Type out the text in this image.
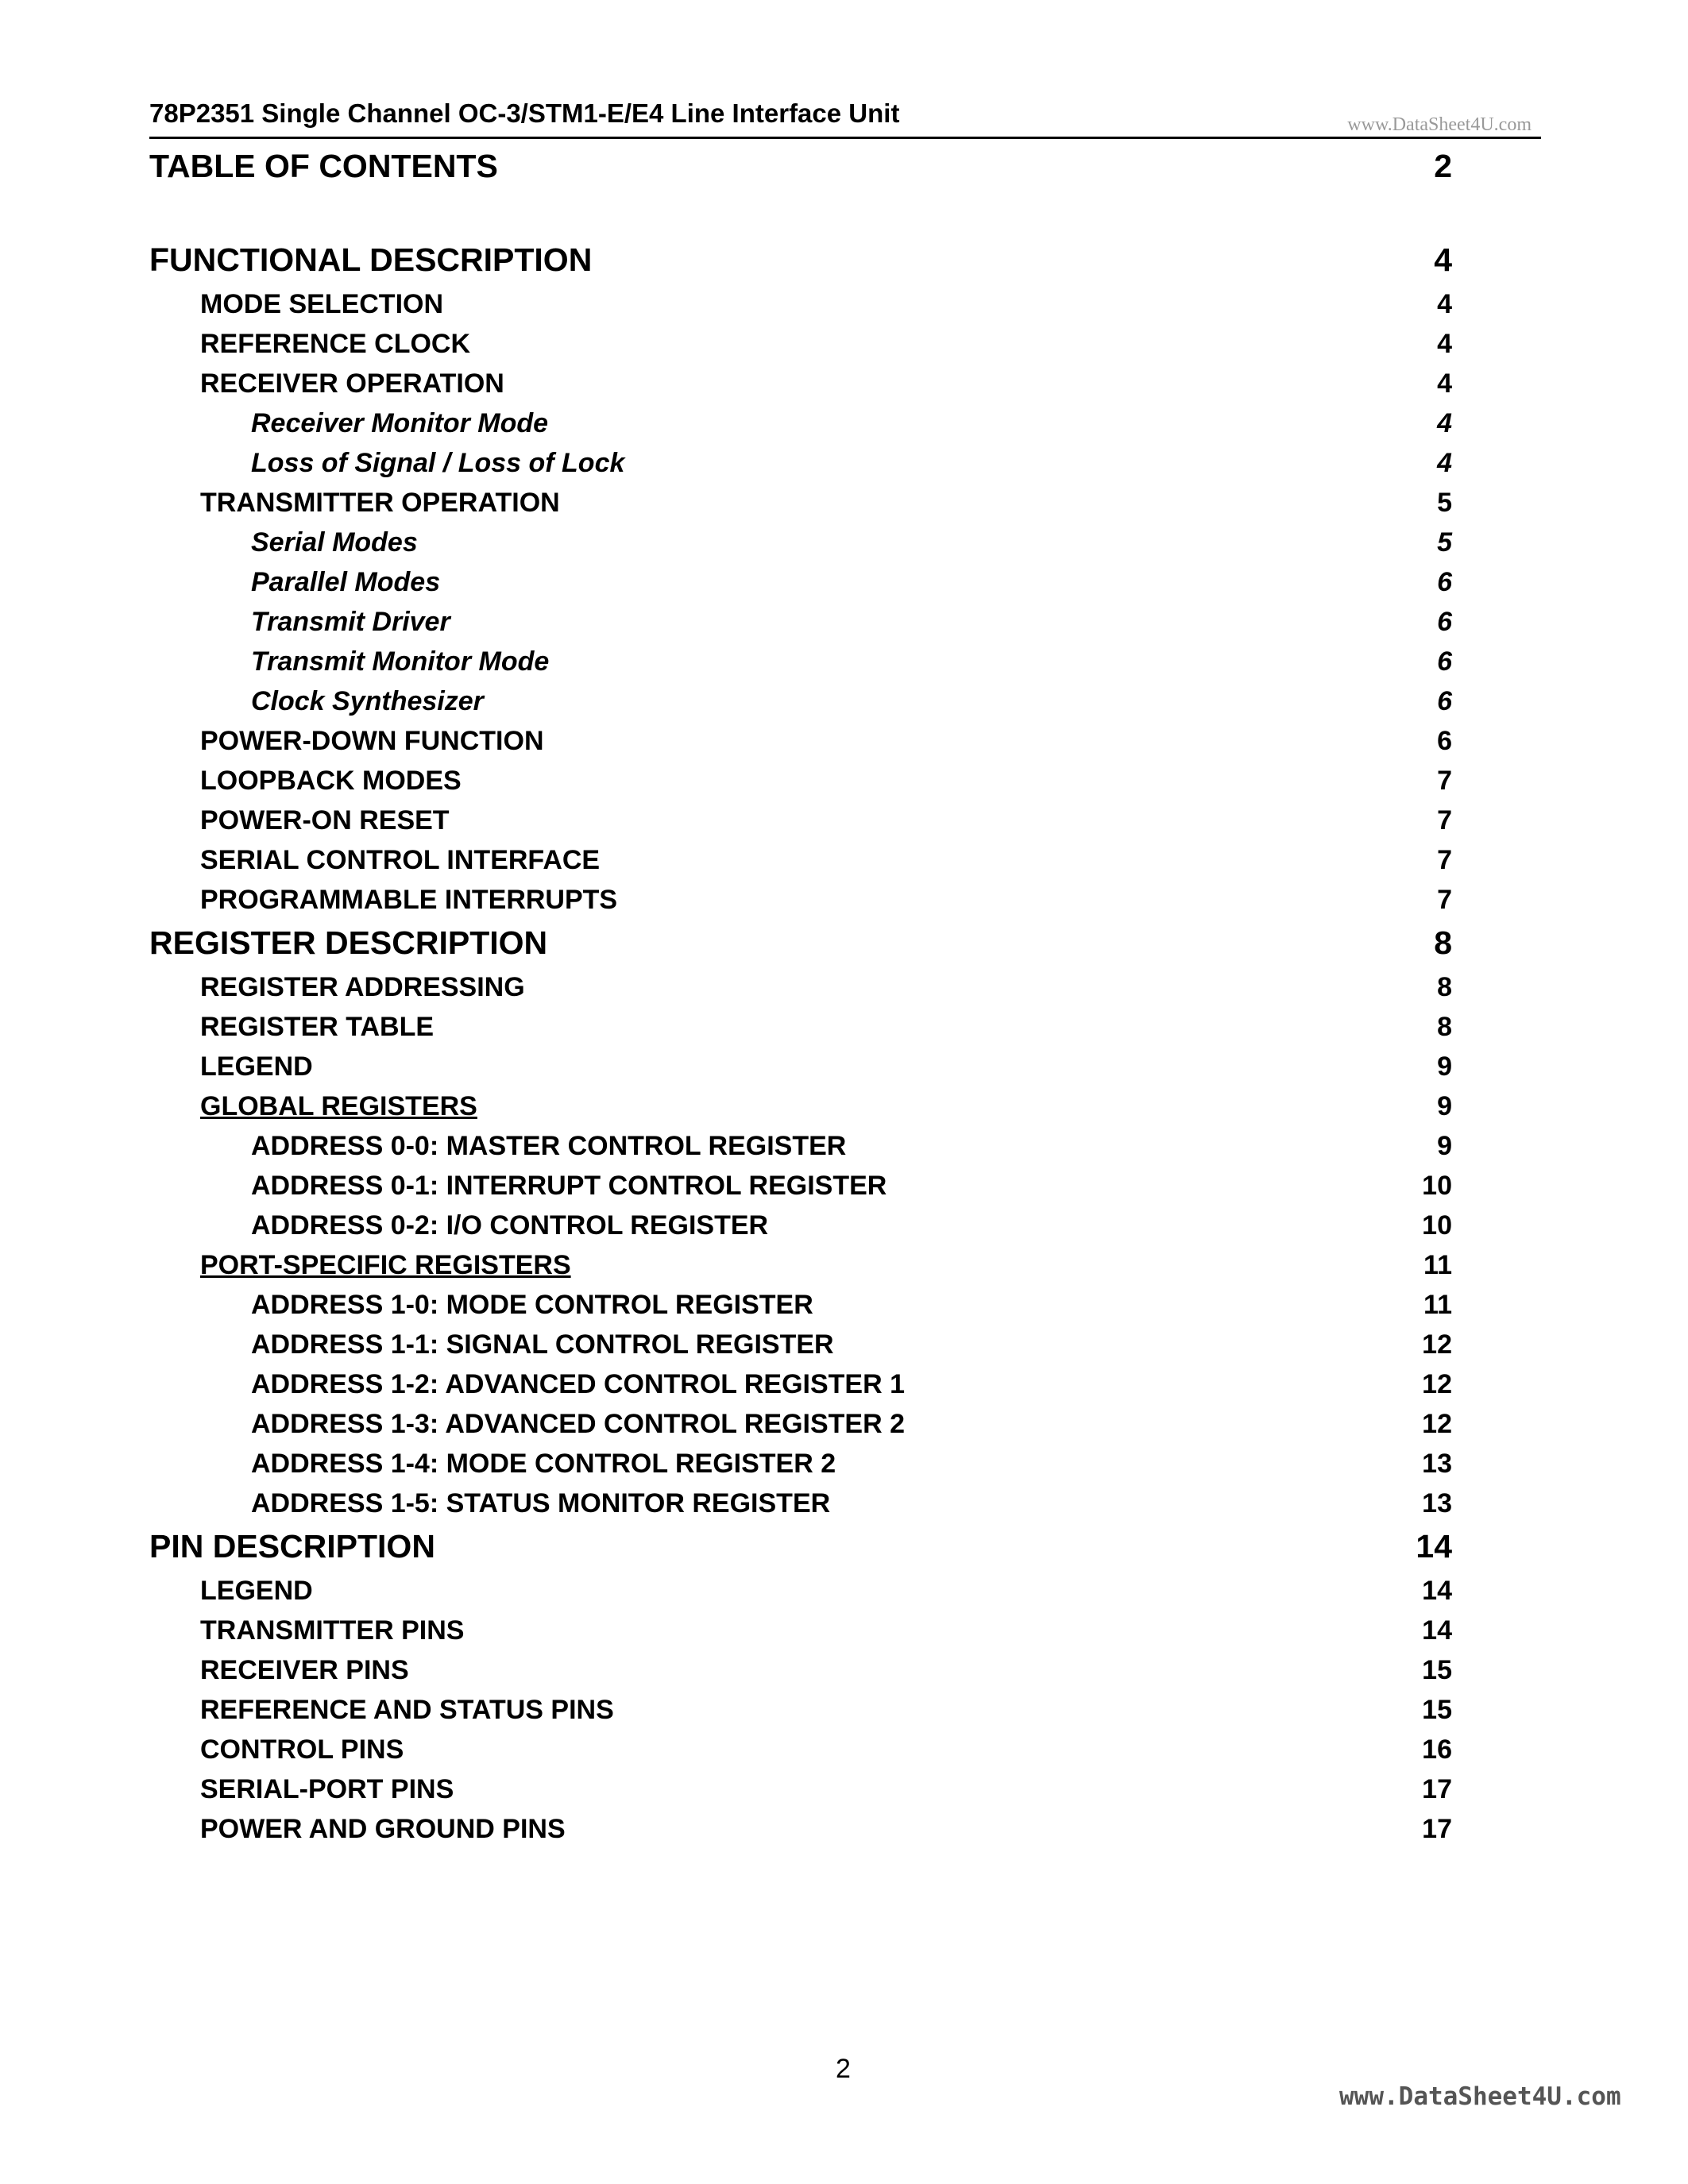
78P2351 Single Channel OC-3/STM1-E/E4 Line Interface Unit	www.DataSheet4U.com
TABLE OF CONTENTS	2
FUNCTIONAL DESCRIPTION	4
MODE SELECTION	4
REFERENCE CLOCK	4
RECEIVER OPERATION	4
Receiver Monitor Mode	4
Loss of Signal / Loss of Lock	4
TRANSMITTER OPERATION	5
Serial Modes	5
Parallel Modes	6
Transmit Driver	6
Transmit Monitor Mode	6
Clock Synthesizer	6
POWER-DOWN FUNCTION	6
LOOPBACK MODES	7
POWER-ON RESET	7
SERIAL CONTROL INTERFACE	7
PROGRAMMABLE INTERRUPTS	7
REGISTER DESCRIPTION	8
REGISTER ADDRESSING	8
REGISTER TABLE	8
LEGEND	9
GLOBAL REGISTERS	9
ADDRESS 0-0: MASTER CONTROL REGISTER	9
ADDRESS 0-1: INTERRUPT CONTROL REGISTER	10
ADDRESS 0-2: I/O CONTROL REGISTER	10
PORT-SPECIFIC REGISTERS	11
ADDRESS 1-0: MODE CONTROL REGISTER	11
ADDRESS 1-1: SIGNAL CONTROL REGISTER	12
ADDRESS 1-2: ADVANCED CONTROL REGISTER 1	12
ADDRESS 1-3: ADVANCED CONTROL REGISTER 2	12
ADDRESS 1-4: MODE CONTROL REGISTER 2	13
ADDRESS 1-5: STATUS MONITOR REGISTER	13
PIN DESCRIPTION	14
LEGEND	14
TRANSMITTER PINS	14
RECEIVER PINS	15
REFERENCE AND STATUS PINS	15
CONTROL PINS	16
SERIAL-PORT PINS	17
POWER AND GROUND PINS	17
2
www.DataSheet4U.com
